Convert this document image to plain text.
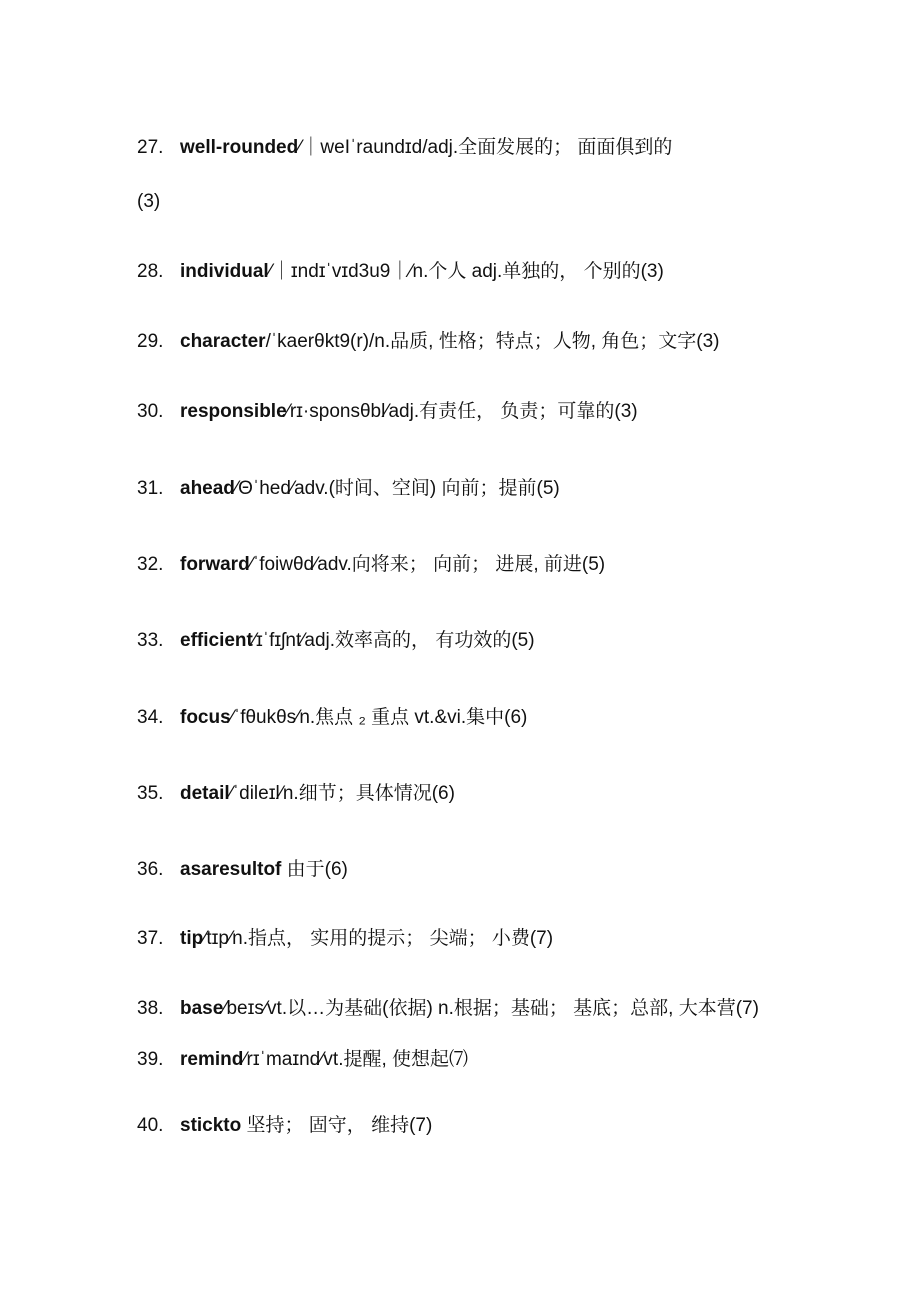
27. well-rounded⁄｜weIˈraundɪd/adj.全面发展的； 面面俱到的
(3)
28. individual⁄｜ɪndɪˈvɪd3u9｜⁄n.个人 adj.单独的， 个别的(3)
29. character/ˈkaerθkt9(r)/n.品质, 性格；特点；人物, 角色；文字(3)
30. responsible⁄rɪ·sponsθbl⁄adj.有责任， 负责；可靠的(3)
31. ahead⁄Θˈhed⁄adv.(时间、空间) 向前；提前(5)
32. forward⁄ˈfoiwθd⁄adv.向将来； 向前； 进展, 前进(5)
33. efficient⁄ɪˈfɪʃnt⁄adj.效率高的， 有功效的(5)
34. focus⁄ˈfθukθs⁄n.焦点 ₂ 重点 vt.&vi.集中(6)
35. detail⁄ˈdileɪl⁄n.细节；具体情况(6)
36. asaresultof 由于(6)
37. tip⁄tɪp⁄n.指点， 实用的提示； 尖端； 小费(7)
38. base⁄beɪs⁄vt.以…为基础(依据) n.根据；基础； 基底；总部, 大本营(7)
39. remind⁄rɪˈmaɪnd⁄vt.提醒, 使想起⑺
40. stickto 坚持； 固守， 维持(7)
